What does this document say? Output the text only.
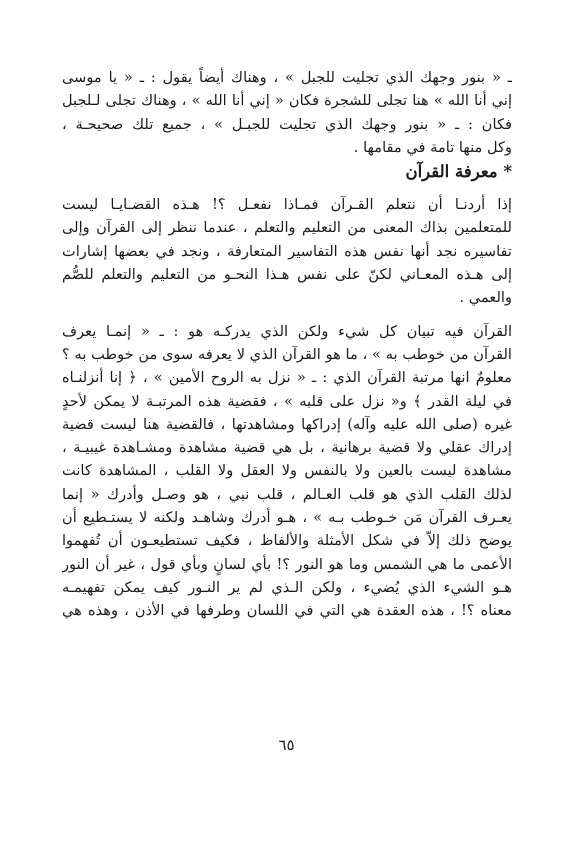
ـ « بنور وجهك الذي تجليت للجبل » ، وهناك أيضاً يقول : ـ « يا موسى
إني أنا الله » هنا تجلى للشجرة فكان « إني أنا الله » ، وهناك تجلى لـلجبل
فكان : ـ « بنور وجهك الذي تجليت للجبـل » ، جميع تلك صحيحـة ،
وكل منها تامة في مقامها .
* معرفة القرآن
إذا أردنـا أن نتعلم القـرآن فمـاذا نفعـل ؟! هـذه القضـايـا ليست
للمتعلمين بذاك المعنى من التعليم والتعلم ، عندما ننظر إلى القرآن وإلى
تفاسيره نجد أنها نفس هذه التفاسير المتعارفة ، ونجد في بعضها إشارات
إلى هـذه المعـاني لكنّ على نفس هـذا النحـو من التعليم والتعلم للصُّم
والعمي .
القرآن فيه تبيان كل شيء ولكن الذي يدركـه هو : ـ « إنمـا يعرف
القرآن من خوطب به » ، ما هو القرآن الذي لا يعرفه سوى من خوطب به ؟
معلومٌ انها مرتبة القرآن الذي : ـ « نزل به الروح الأمين » ، ﴿ إنا أنزلنـاه
في ليلة القدر ﴾ و« نزل على قلبه » ، فقضية هذه المرتبـة لا يمكن لأحدٍ
غيره (صلى الله عليه وآله) إدراكها ومشاهدتها ، فالقضية هنا ليست قضية
إدراك عقلي ولا قضية برهانية ، بل هي قضية مشاهدة ومشـاهدة غيبيـة ،
مشاهدة ليست بالعين ولا بالنفس ولا العقل ولا القلب ، المشاهدة كانت
لذلك القلب الذي هو قلب العـالم ، قلب نبي ، هو وصـل وأدرك « إنما
يعـرف القرآن مَن خـوطب بـه » ، هـو أدرك وشاهـد ولكنه لا يستـطيع أن
يوضح ذلك إلاّ في شكل الأمثلة والألفاظ ، فكيف تستطيعـون أن تُفهموا
الأعمى ما هي الشمس وما هو النور ؟! بأي لسانٍ وبأي قول ، غير أن النور
هـو الشيء الذي يُضيء ، ولكن الـذي لم ير النـور كيف يمكن تفهيمـه
معناه ؟! ، هذه العقدة هي التي في اللسان وطرفها في الأذن ، وهذه هي
٦٥
